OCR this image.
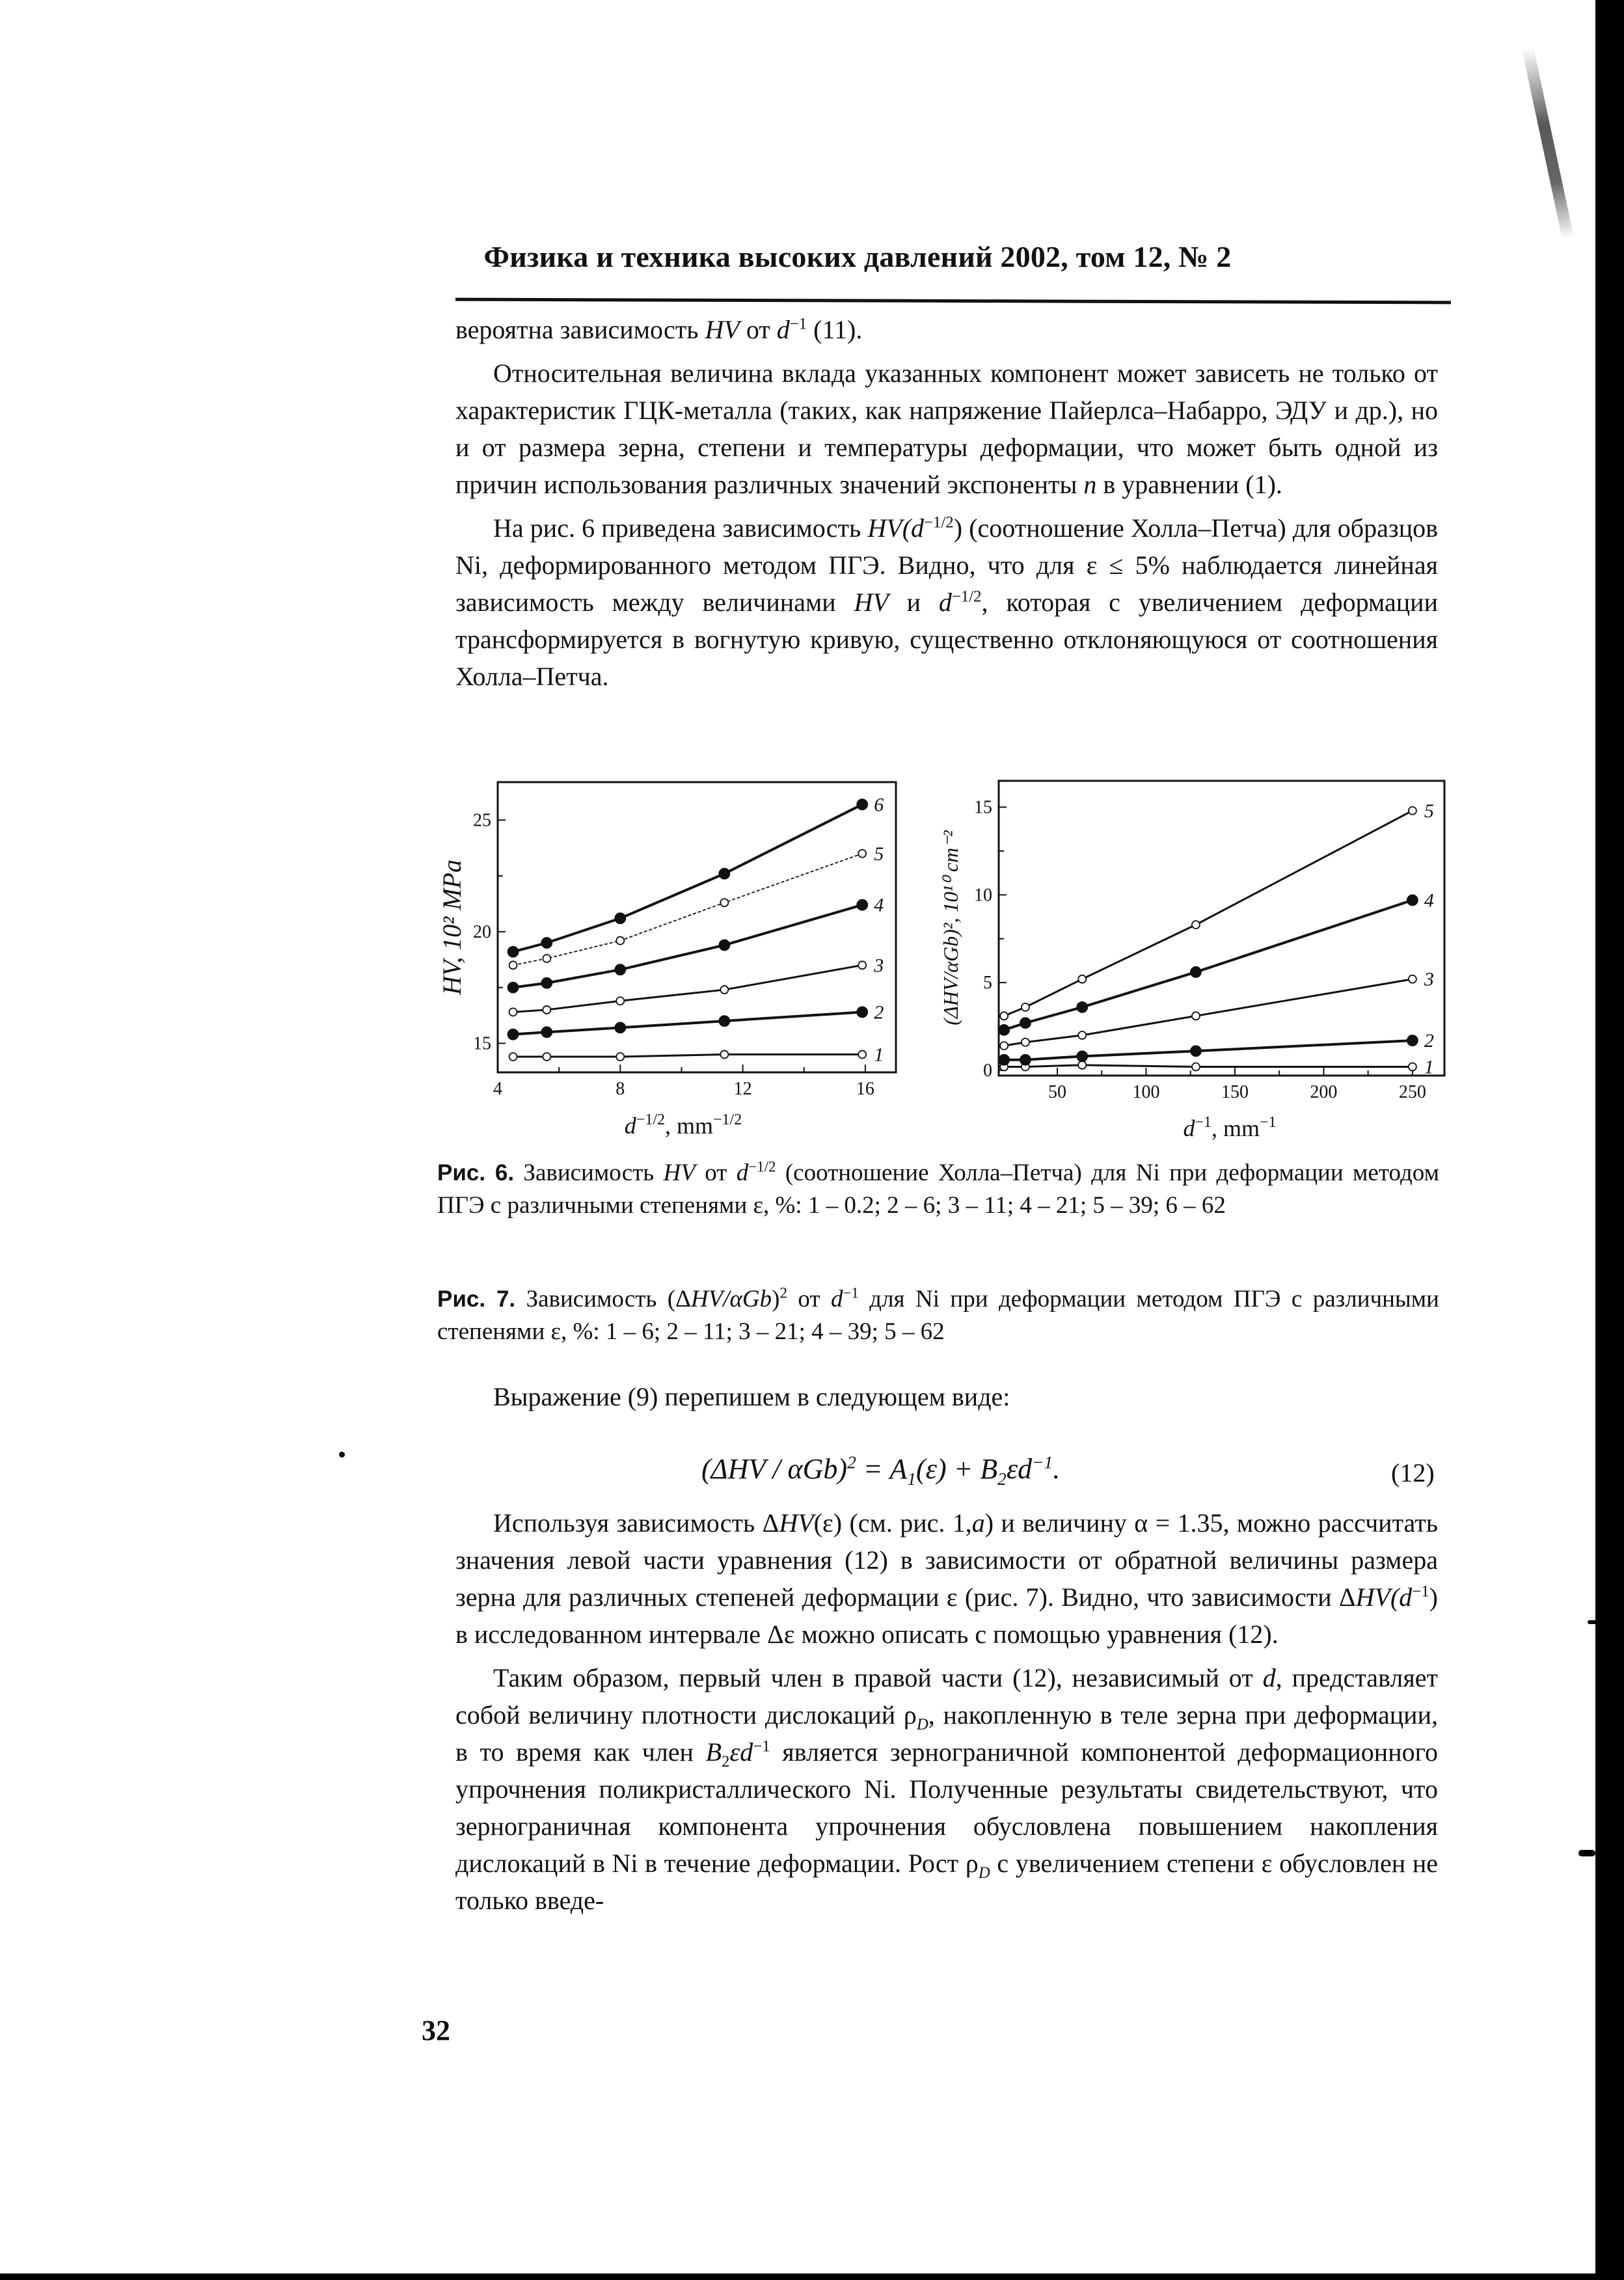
Физика и техника высоких давлений 2002, том 12, № 2

вероятна зависимость HV от $d^{-1}$ (11).

Относительная величина вклада указанных компонент может зависеть не только от характеристик ГЦК-металла (таких, как напряжение Пайерлса–Набарро, ЭДУ и др.), но и от размера зерна, степени и температуры деформации, что может быть одной из причин использования различных значений экспоненты n в уравнении (1).

На рис. 6 приведена зависимость $HV(d^{-1/2})$ (соотношение Холла–Петча) для образцов Ni, деформированного методом ПГЭ. Видно, что для ε ≤ 5% наблюдается линейная зависимость между величинами HV и $d^{-1/2}$, которая с увеличением деформации трансформируется в вогнутую кривую, существенно отклоняющуюся от соотношения Холла–Петча.

4	8	12	16
15
20
25
1
2
3
4
5
6
HV, 10² MPa
$d^{-1/2}$, $mm^{-1/2}$
50	100	150	200	250
0
5
10
15
1
2
3
4
5
(ΔHV/αGb)², 10¹⁰ cm⁻²
$d^{-1}$, $mm^{-1}$
Рис. 6. Зависимость HV от $d^{-1/2}$ (соотношение Холла–Петча) для Ni при деформации методом ПГЭ с различными степенями ε, %: 1 – 0.2; 2 – 6; 3 – 11; 4 – 21; 5 – 39; 6 – 62
Рис. 7. Зависимость $(\Delta HV/\alpha Gb)^2$ от $d^{-1}$ для Ni при деформации методом ПГЭ с различными степенями ε, %: 1 – 6; 2 – 11; 3 – 21; 4 – 39; 5 – 62

Выражение (9) перепишем в следующем виде:

$(\Delta HV / \alpha Gb)^2 = A_1(\varepsilon) + B_2\varepsilon d^{-1}$.	(12)

Используя зависимость ΔHV(ε) (см. рис. 1,a) и величину α = 1.35, можно рассчитать значения левой части уравнения (12) в зависимости от обратной величины размера зерна для различных степеней деформации ε (рис. 7). Видно, что зависимости $\Delta HV(d^{-1})$ в исследованном интервале Δε можно описать с помощью уравнения (12).

Таким образом, первый член в правой части (12), независимый от d, представляет собой величину плотности дислокаций $\rho_D$, накопленную в теле зерна при деформации, в то время как член $B_2\varepsilon d^{-1}$ является зернограничной компонентой деформационного упрочнения поликристаллического Ni. Полученные результаты свидетельствуют, что зернограничная компонента упрочнения обусловлена повышением накопления дислокаций в Ni в течение деформации. Рост $\rho_D$ с увеличением степени ε обусловлен не только введе-

32
